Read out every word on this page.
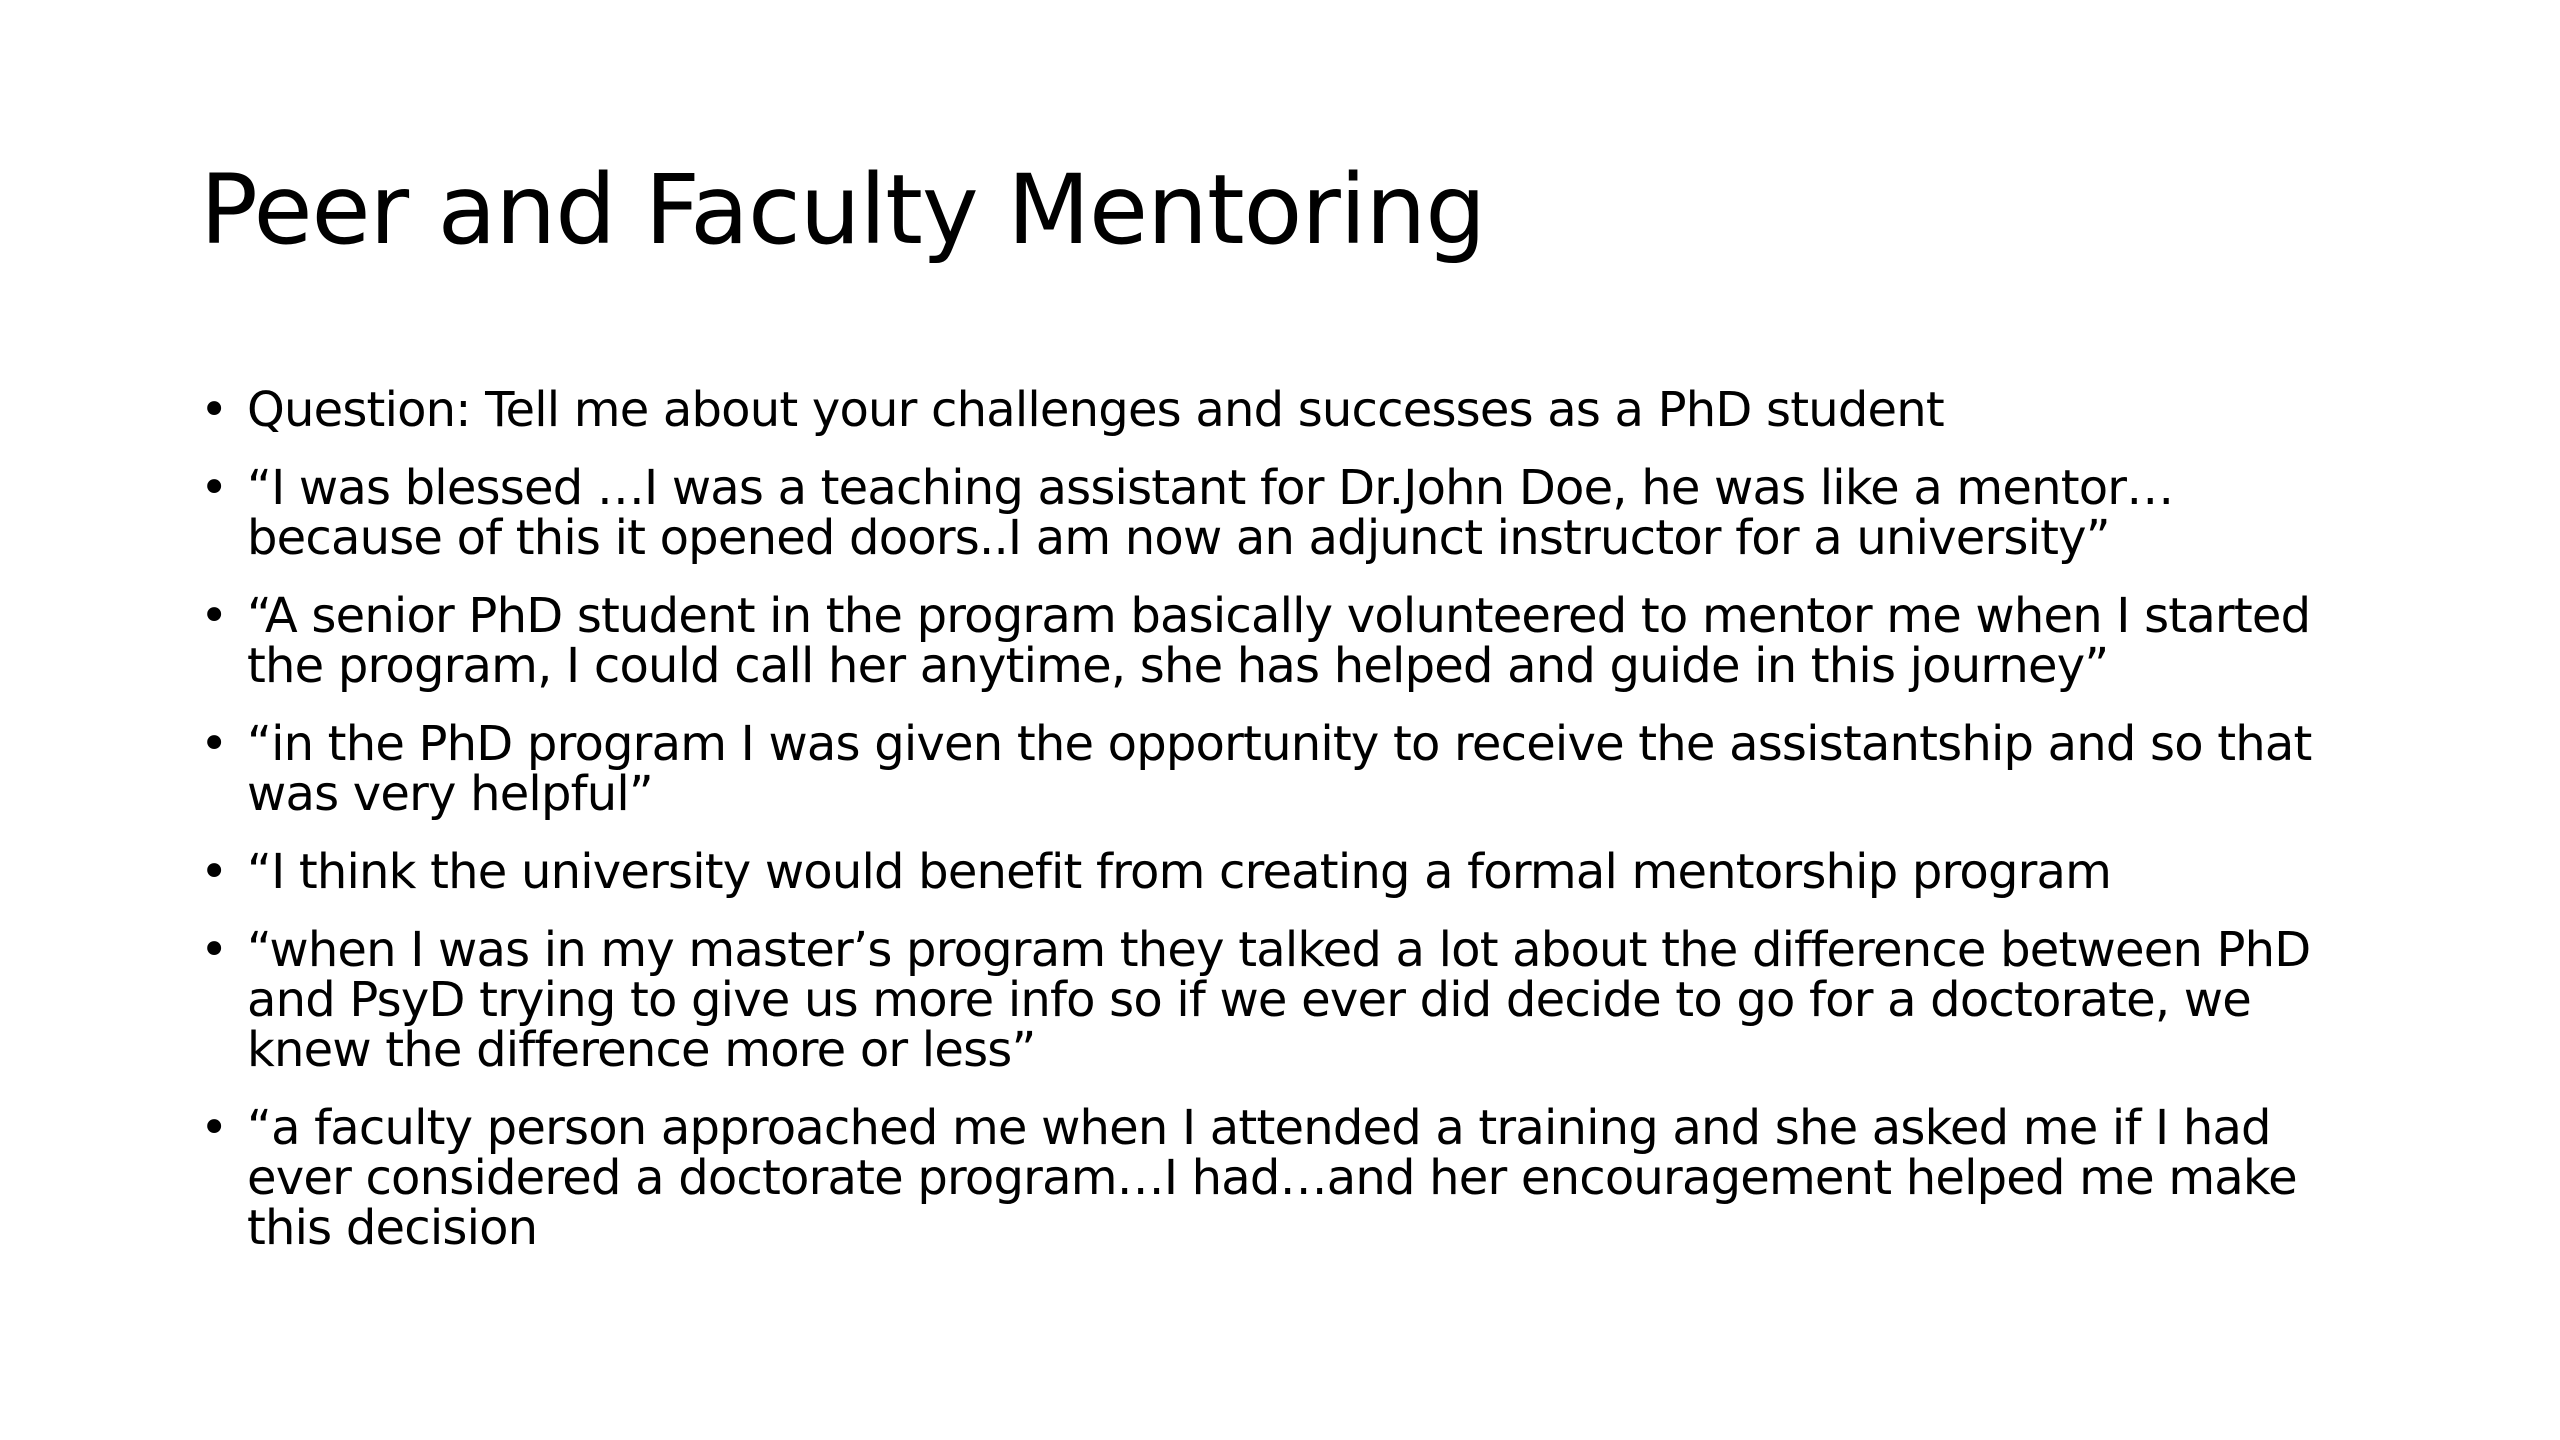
Peer and Faculty Mentoring
• Question: Tell me about your challenges and successes as a PhD student
• “I was blessed …I was a teaching assistant for Dr.John Doe, he was like a mentor…
because of this it opened doors..I am now an adjunct instructor for a university”
• “A senior PhD student in the program basically volunteered to mentor me when I started
the program, I could call her anytime, she has helped and guide in this journey”
• “in the PhD program I was given the opportunity to receive the assistantship and so that
was very helpful”
• “I think the university would benefit from creating a formal mentorship program
• “when I was in my master’s program they talked a lot about the difference between PhD
and PsyD trying to give us more info so if we ever did decide to go for a doctorate, we
knew the difference more or less”
• “a faculty person approached me when I attended a training and she asked me if I had
ever considered a doctorate program…I had…and her encouragement helped me make
this decision
